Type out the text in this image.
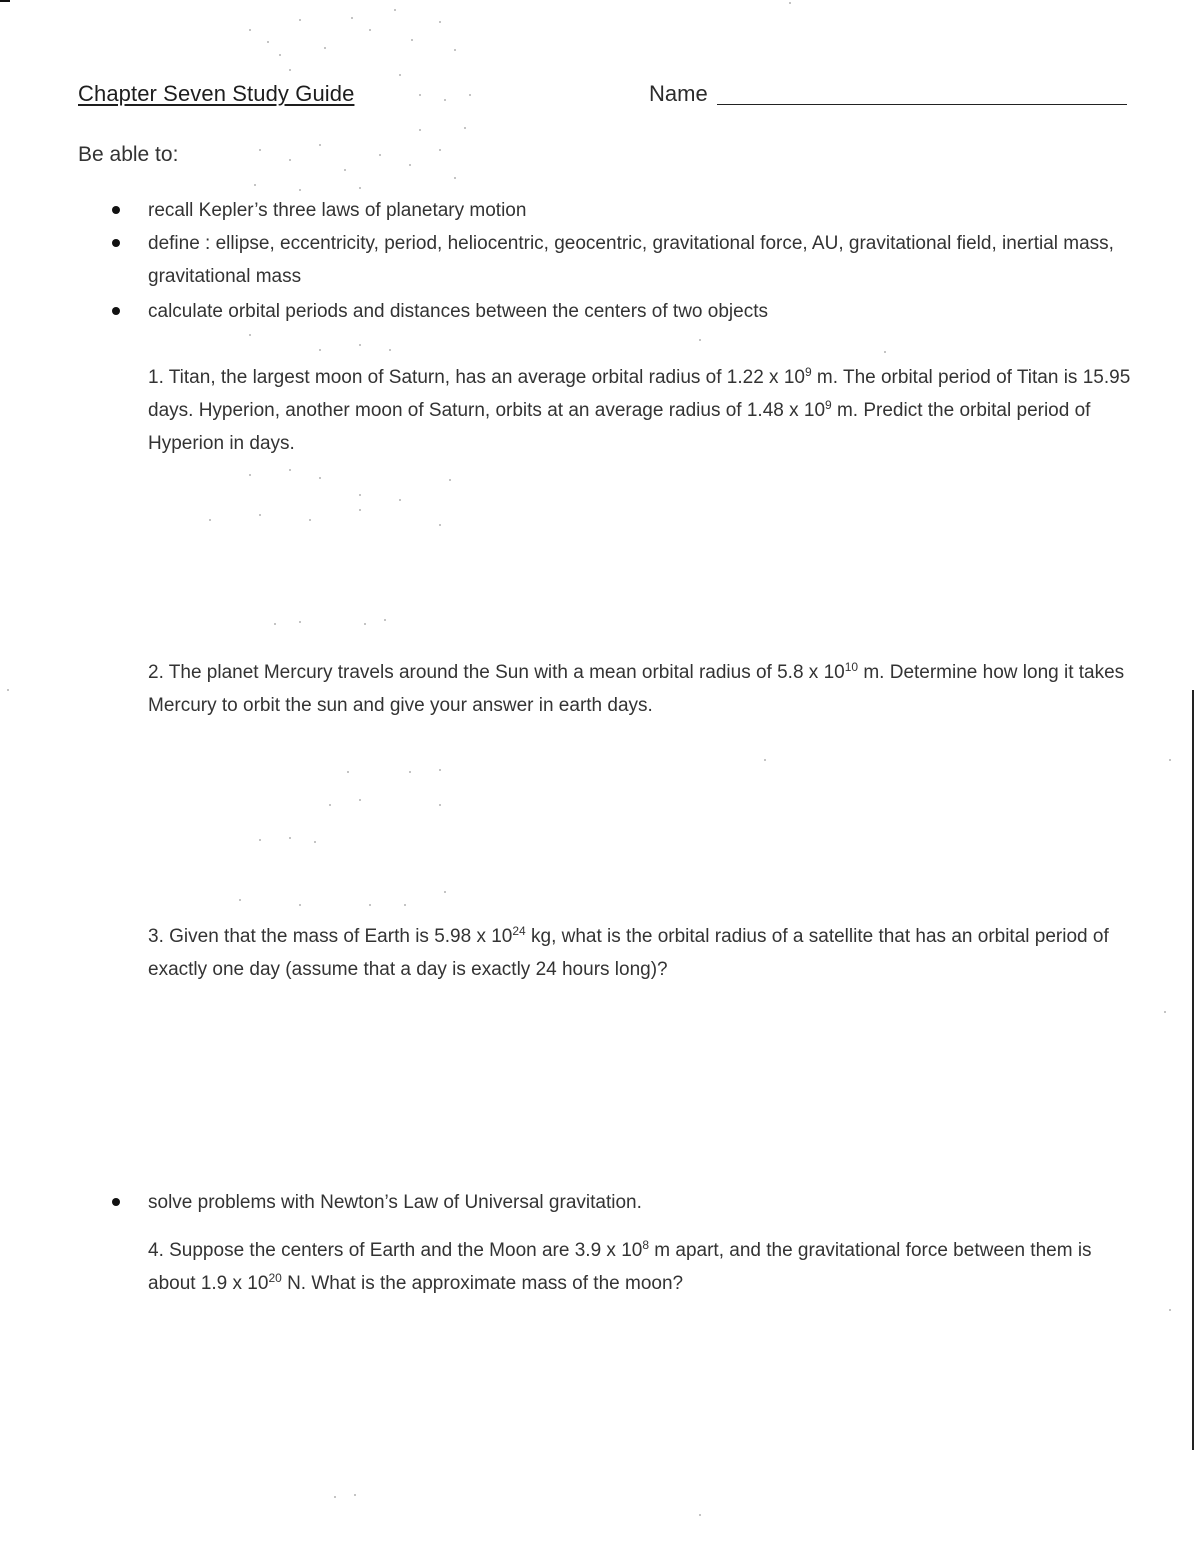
Chapter Seven Study Guide	Name
Be able to:
recall Kepler’s three laws of planetary motion
define : ellipse, eccentricity, period, heliocentric, geocentric, gravitational force, AU, gravitational field, inertial mass, gravitational mass
calculate orbital periods and distances between the centers of two objects
1. Titan, the largest moon of Saturn, has an average orbital radius of 1.22 x $10^9$ m. The orbital period of Titan is 15.95 days. Hyperion, another moon of Saturn, orbits at an average radius of 1.48 x $10^9$ m. Predict the orbital period of Hyperion in days.
2. The planet Mercury travels around the Sun with a mean orbital radius of 5.8 x $10^{10}$ m. Determine how long it takes Mercury to orbit the sun and give your answer in earth days.
3. Given that the mass of Earth is 5.98 x $10^{24}$ kg, what is the orbital radius of a satellite that has an orbital period of exactly one day (assume that a day is exactly 24 hours long)?
solve problems with Newton’s Law of Universal gravitation.
4. Suppose the centers of Earth and the Moon are 3.9 x $10^8$ m apart, and the gravitational force between them is about 1.9 x $10^{20}$ N. What is the approximate mass of the moon?
